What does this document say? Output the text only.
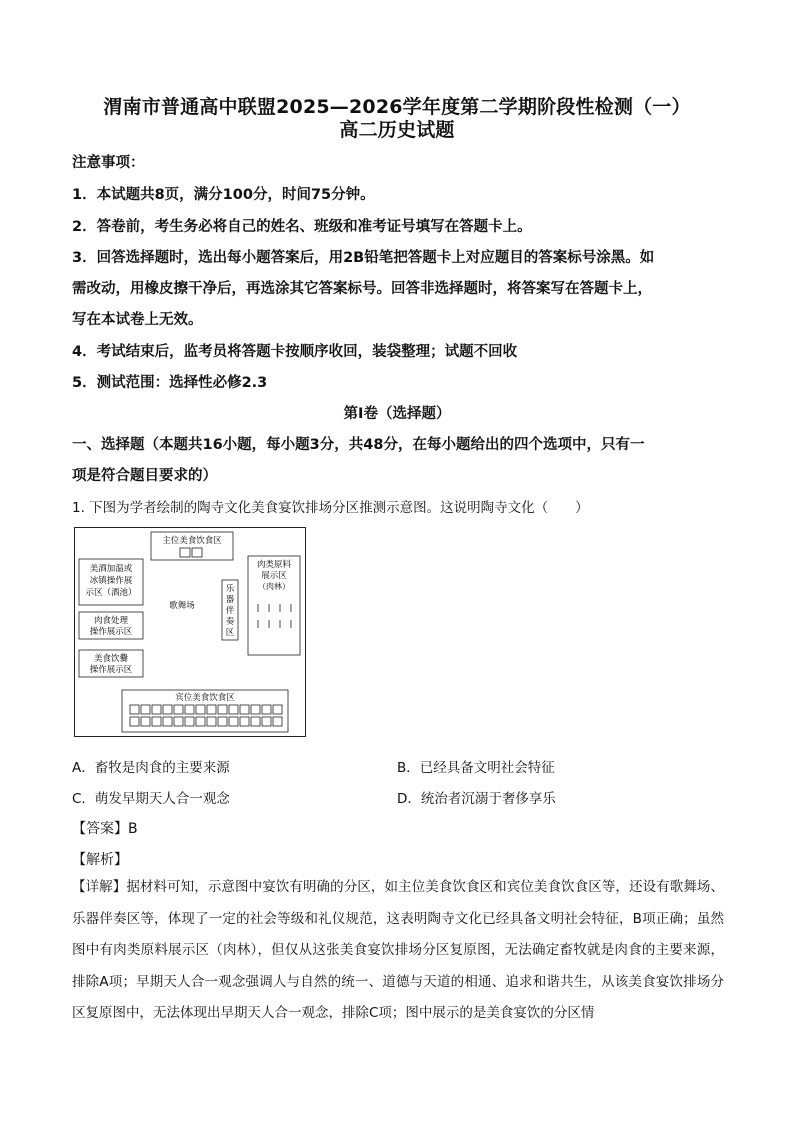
渭南市普通高中联盟2025—2026学年度第二学期阶段性检测（一）
高二历史试题
注意事项：
1．本试题共8页，满分100分，时间75分钟。
2．答卷前，考生务必将自己的姓名、班级和准考证号填写在答题卡上。
3．回答选择题时，选出每小题答案后，用2B铅笔把答题卡上对应题目的答案标号涂黑。如
需改动，用橡皮擦干净后，再选涂其它答案标号。回答非选择题时，将答案写在答题卡上，
写在本试卷上无效。
4．考试结束后，监考员将答题卡按顺序收回，装袋整理；试题不回收
5．测试范围：选择性必修2.3
第Ⅰ卷（选择题）
一、选择题（本题共16小题，每小题3分，共48分，在每小题给出的四个选项中，只有一
项是符合题目要求的）
1. 下图为学者绘制的陶寺文化美食宴饮排场分区推测示意图。这说明陶寺文化（　　）
主位美食饮食区
美酒加温或
冰镇操作展
示区（酒池）
肉类原料
展示区
（肉林）
乐
器
伴
奏
区
歌舞场
肉食处理
操作展示区
美食饮爨
操作展示区
宾位美食饮食区
A．畜牧是肉食的主要来源	B．已经具备文明社会特征
C．萌发早期天人合一观念	D．统治者沉溺于奢侈享乐
【答案】B
【解析】
【详解】据材料可知，示意图中宴饮有明确的分区，如主位美食饮食区和宾位美食饮食区等，还设有歌舞场、乐器伴奏区等，体现了一定的社会等级和礼仪规范，这表明陶寺文化已经具备文明社会特征，B项正确；虽然图中有肉类原料展示区（肉林），但仅从这张美食宴饮排场分区复原图，无法确定畜牧就是肉食的主要来源，排除A项；早期天人合一观念强调人与自然的统一、道德与天道的相通、追求和谐共生，从该美食宴饮排场分区复原图中，无法体现出早期天人合一观念，排除C项；图中展示的是美食宴饮的分区情
